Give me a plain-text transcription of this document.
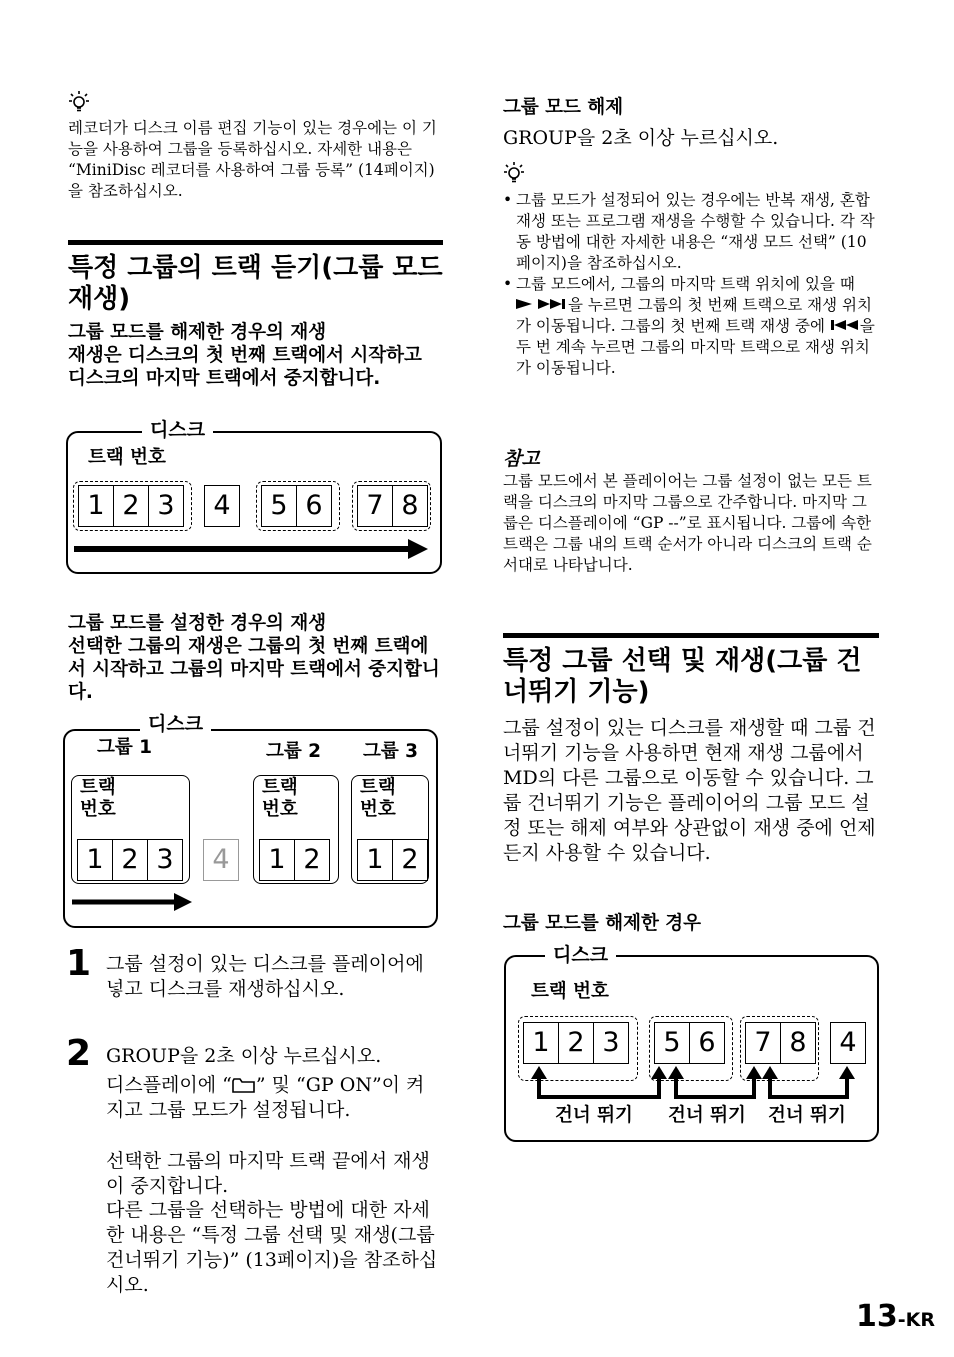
레코더가 디스크 이름 편집 기능이 있는 경우에는 이 기능을 사용하여 그룹을 등록하십시오. 자세한 내용은 “MiniDisc 레코더를 사용하여 그룹 등록” (14페이지)을 참조하십시오.
특정 그룹의 트랙 듣기(그룹 모드 재생)
그룹 모드를 해제한 경우의 재생
재생은 디스크의 첫 번째 트랙에서 시작하고 디스크의 마지막 트랙에서 중지합니다.
디스크
트랙 번호
1 2 3	4	5 6	7 8
그룹 모드를 설정한 경우의 재생
선택한 그룹의 재생은 그룹의 첫 번째 트랙에서 시작하고 그룹의 마지막 트랙에서 중지합니다.
디스크
그룹 1	그룹 2 그룹 3
트랙
번호
1 2 3	4
트랙
번호
1 2
트랙
번호
1 2
1 그룹 설정이 있는 디스크를 플레이어에 넣고 디스크를 재생하십시오.
2 GROUP을 2초 이상 누르십시오.
디스플레이에 “ ” 및 “GP ON”이 켜지고 그룹 모드가 설정됩니다.
선택한 그룹의 마지막 트랙 끝에서 재생이 중지합니다.
다른 그룹을 선택하는 방법에 대한 자세한 내용은 “특정 그룹 선택 및 재생(그룹 건너뛰기 기능)” (13페이지)을 참조하십시오.
그룹 모드 해제
GROUP을 2초 이상 누르십시오.
• 그룹 모드가 설정되어 있는 경우에는 반복 재생, 혼합 재생 또는 프로그램 재생을 수행할 수 있습니다. 각 작동 방법에 대한 자세한 내용은 “재생 모드 선택” (10페이지)을 참조하십시오.
• 그룹 모드에서, 그룹의 마지막 트랙 위치에 있을 때 을 누르면 그룹의 첫 번째 트랙으로 재생 위치가 이동됩니다. 그룹의 첫 번째 트랙 재생 중에 을 두 번 계속 누르면 그룹의 마지막 트랙으로 재생 위치가 이동됩니다.
참고
그룹 모드에서 본 플레이어는 그룹 설정이 없는 모든 트랙을 디스크의 마지막 그룹으로 간주합니다. 마지막 그룹은 디스플레이에 “GP --”로 표시됩니다. 그룹에 속한 트랙은 그룹 내의 트랙 순서가 아니라 디스크의 트랙 순서대로 나타납니다.
특정 그룹 선택 및 재생(그룹 건너뛰기 기능)
그룹 설정이 있는 디스크를 재생할 때 그룹 건너뛰기 기능을 사용하면 현재 재생 그룹에서 MD의 다른 그룹으로 이동할 수 있습니다. 그룹 건너뛰기 기능은 플레이어의 그룹 모드 설정 또는 해제 여부와 상관없이 재생 중에 언제든지 사용할 수 있습니다.
그룹 모드를 해제한 경우
디스크
트랙 번호
1 2 3	5 6	7 8	4
건너 뛰기 건너 뛰기 건너 뛰기
13-KR
